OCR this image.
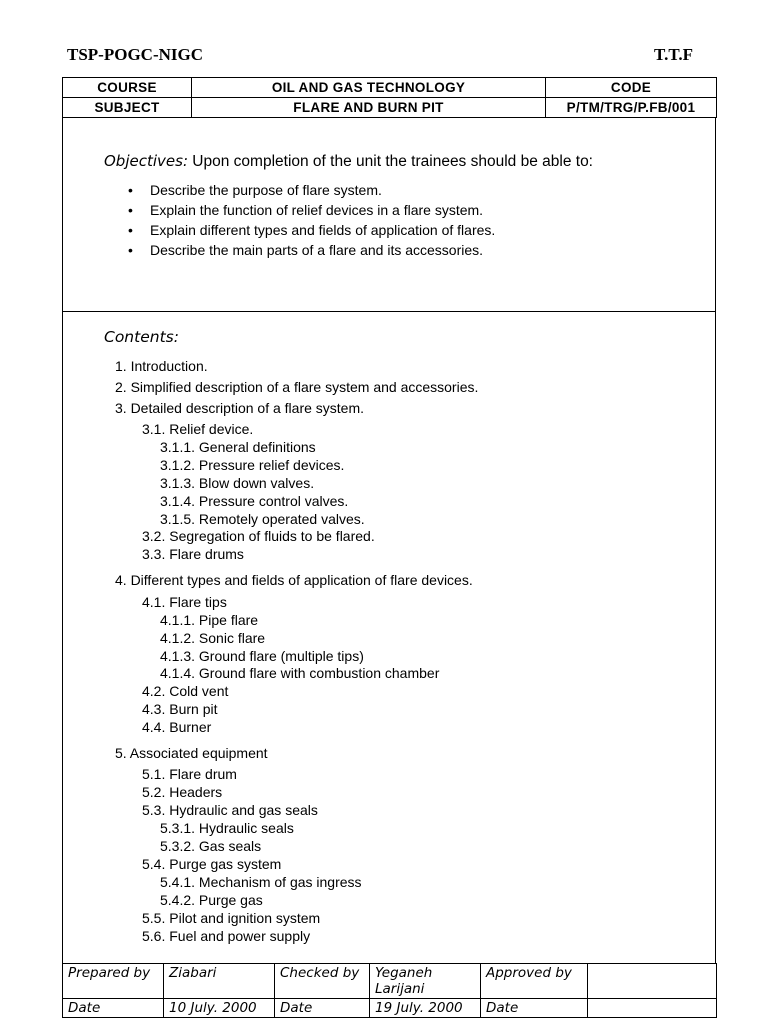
TSP-POGC-NIGC	T.T.F
COURSE	OIL AND GAS TECHNOLOGY	CODE
SUBJECT	FLARE AND BURN PIT	P/TM/TRG/P.FB/001
Objectives: Upon completion of the unit the trainees should be able to:
• Describe the purpose of flare system.
• Explain the function of relief devices in a flare system.
• Explain different types and fields of application of flares.
• Describe the main parts of a flare and its accessories.
Contents:
1. Introduction.
2. Simplified description of a flare system and accessories.
3. Detailed description of a flare system.
3.1. Relief device.
3.1.1. General definitions
3.1.2. Pressure relief devices.
3.1.3. Blow down valves.
3.1.4. Pressure control valves.
3.1.5. Remotely operated valves.
3.2. Segregation of fluids to be flared.
3.3. Flare drums
4. Different types and fields of application of flare devices.
4.1. Flare tips
4.1.1. Pipe flare
4.1.2. Sonic flare
4.1.3. Ground flare (multiple tips)
4.1.4. Ground flare with combustion chamber
4.2. Cold vent
4.3. Burn pit
4.4. Burner
5. Associated equipment
5.1. Flare drum
5.2. Headers
5.3. Hydraulic and gas seals
5.3.1. Hydraulic seals
5.3.2. Gas seals
5.4. Purge gas system
5.4.1. Mechanism of gas ingress
5.4.2. Purge gas
5.5. Pilot and ignition system
5.6. Fuel and power supply
Prepared by	Ziabari	Checked by	Yeganeh Larijani	Approved by	
Date	10 July. 2000	Date	19 July. 2000	Date	
